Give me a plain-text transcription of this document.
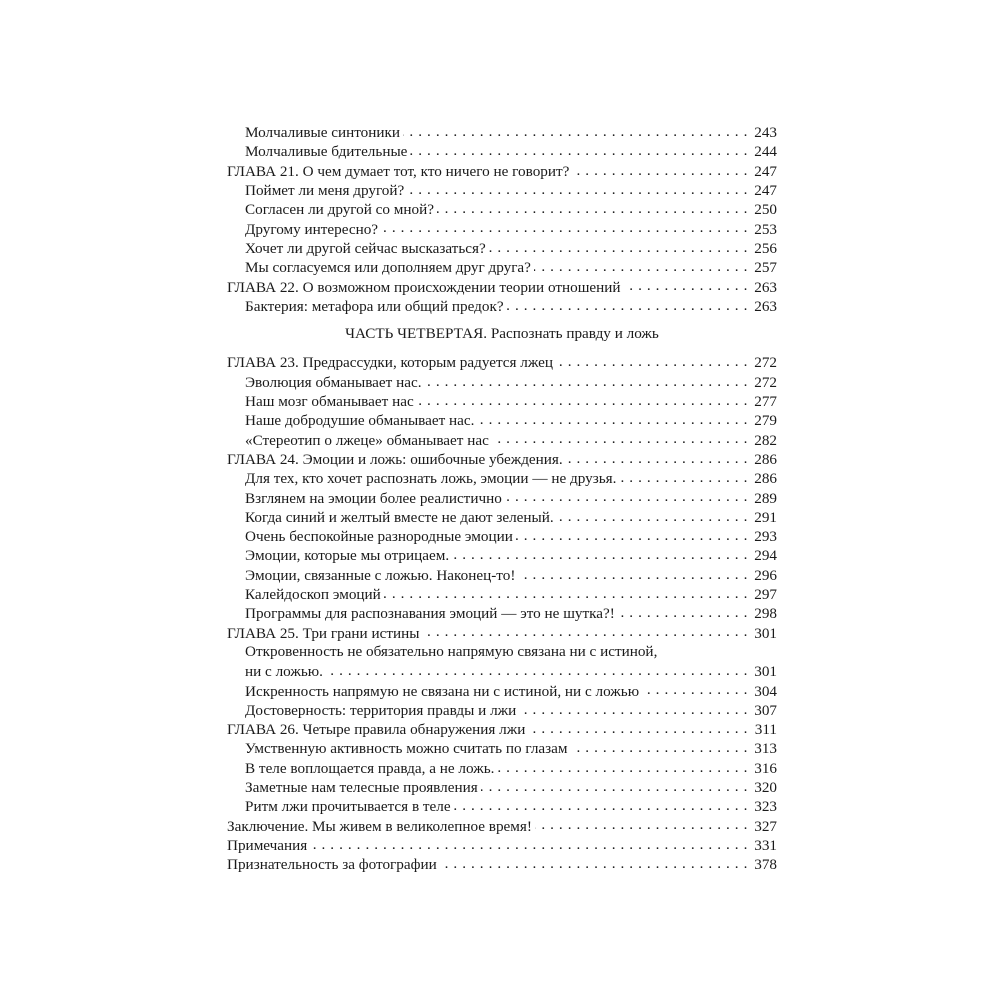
Молчаливые синтоники . . .	243
Молчаливые бдительные . . .	244
ГЛАВА 21. О чем думает тот, кто ничего не говорит? . . .	247
Поймет ли меня другой? . . .	247
Согласен ли другой со мной? . . .	250
Другому интересно? . . .	253
Хочет ли другой сейчас высказаться? . . .	256
Мы согласуемся или дополняем друг друга? . . .	257
ГЛАВА 22. О возможном происхождении теории отношений . . .	263
Бактерия: метафора или общий предок? . . .	263
ЧАСТЬ ЧЕТВЕРТАЯ. Распознать правду и ложь
ГЛАВА 23. Предрассудки, которым радуется лжец . . .	272
Эволюция обманывает нас. . . .	272
Наш мозг обманывает нас . . .	277
Наше добродушие обманывает нас. . . .	279
«Стереотип о лжеце» обманывает нас . . .	282
ГЛАВА 24. Эмоции и ложь: ошибочные убеждения. . . .	286
Для тех, кто хочет распознать ложь, эмоции — не друзья. . . .	286
Взглянем на эмоции более реалистично . . .	289
Когда синий и желтый вместе не дают зеленый. . . .	291
Очень беспокойные разнородные эмоции . . .	293
Эмоции, которые мы отрицаем. . . .	294
Эмоции, связанные с ложью. Наконец-то! . . .	296
Калейдоскоп эмоций . . .	297
Программы для распознавания эмоций — это не шутка?! . . .	298
ГЛАВА 25. Три грани истины . . .	301
Откровенность не обязательно напрямую связана ни с истиной,
ни с ложью. . . .	301
Искренность напрямую не связана ни с истиной, ни с ложью . . .	304
Достоверность: территория правды и лжи . . .	307
ГЛАВА 26. Четыре правила обнаружения лжи . . .	311
Умственную активность можно считать по глазам . . .	313
В теле воплощается правда, а не ложь. . . .	316
Заметные нам телесные проявления . . .	320
Ритм лжи прочитывается в теле . . .	323
Заключение. Мы живем в великолепное время! . . .	327
Примечания . . .	331
Признательность за фотографии . . .	378
